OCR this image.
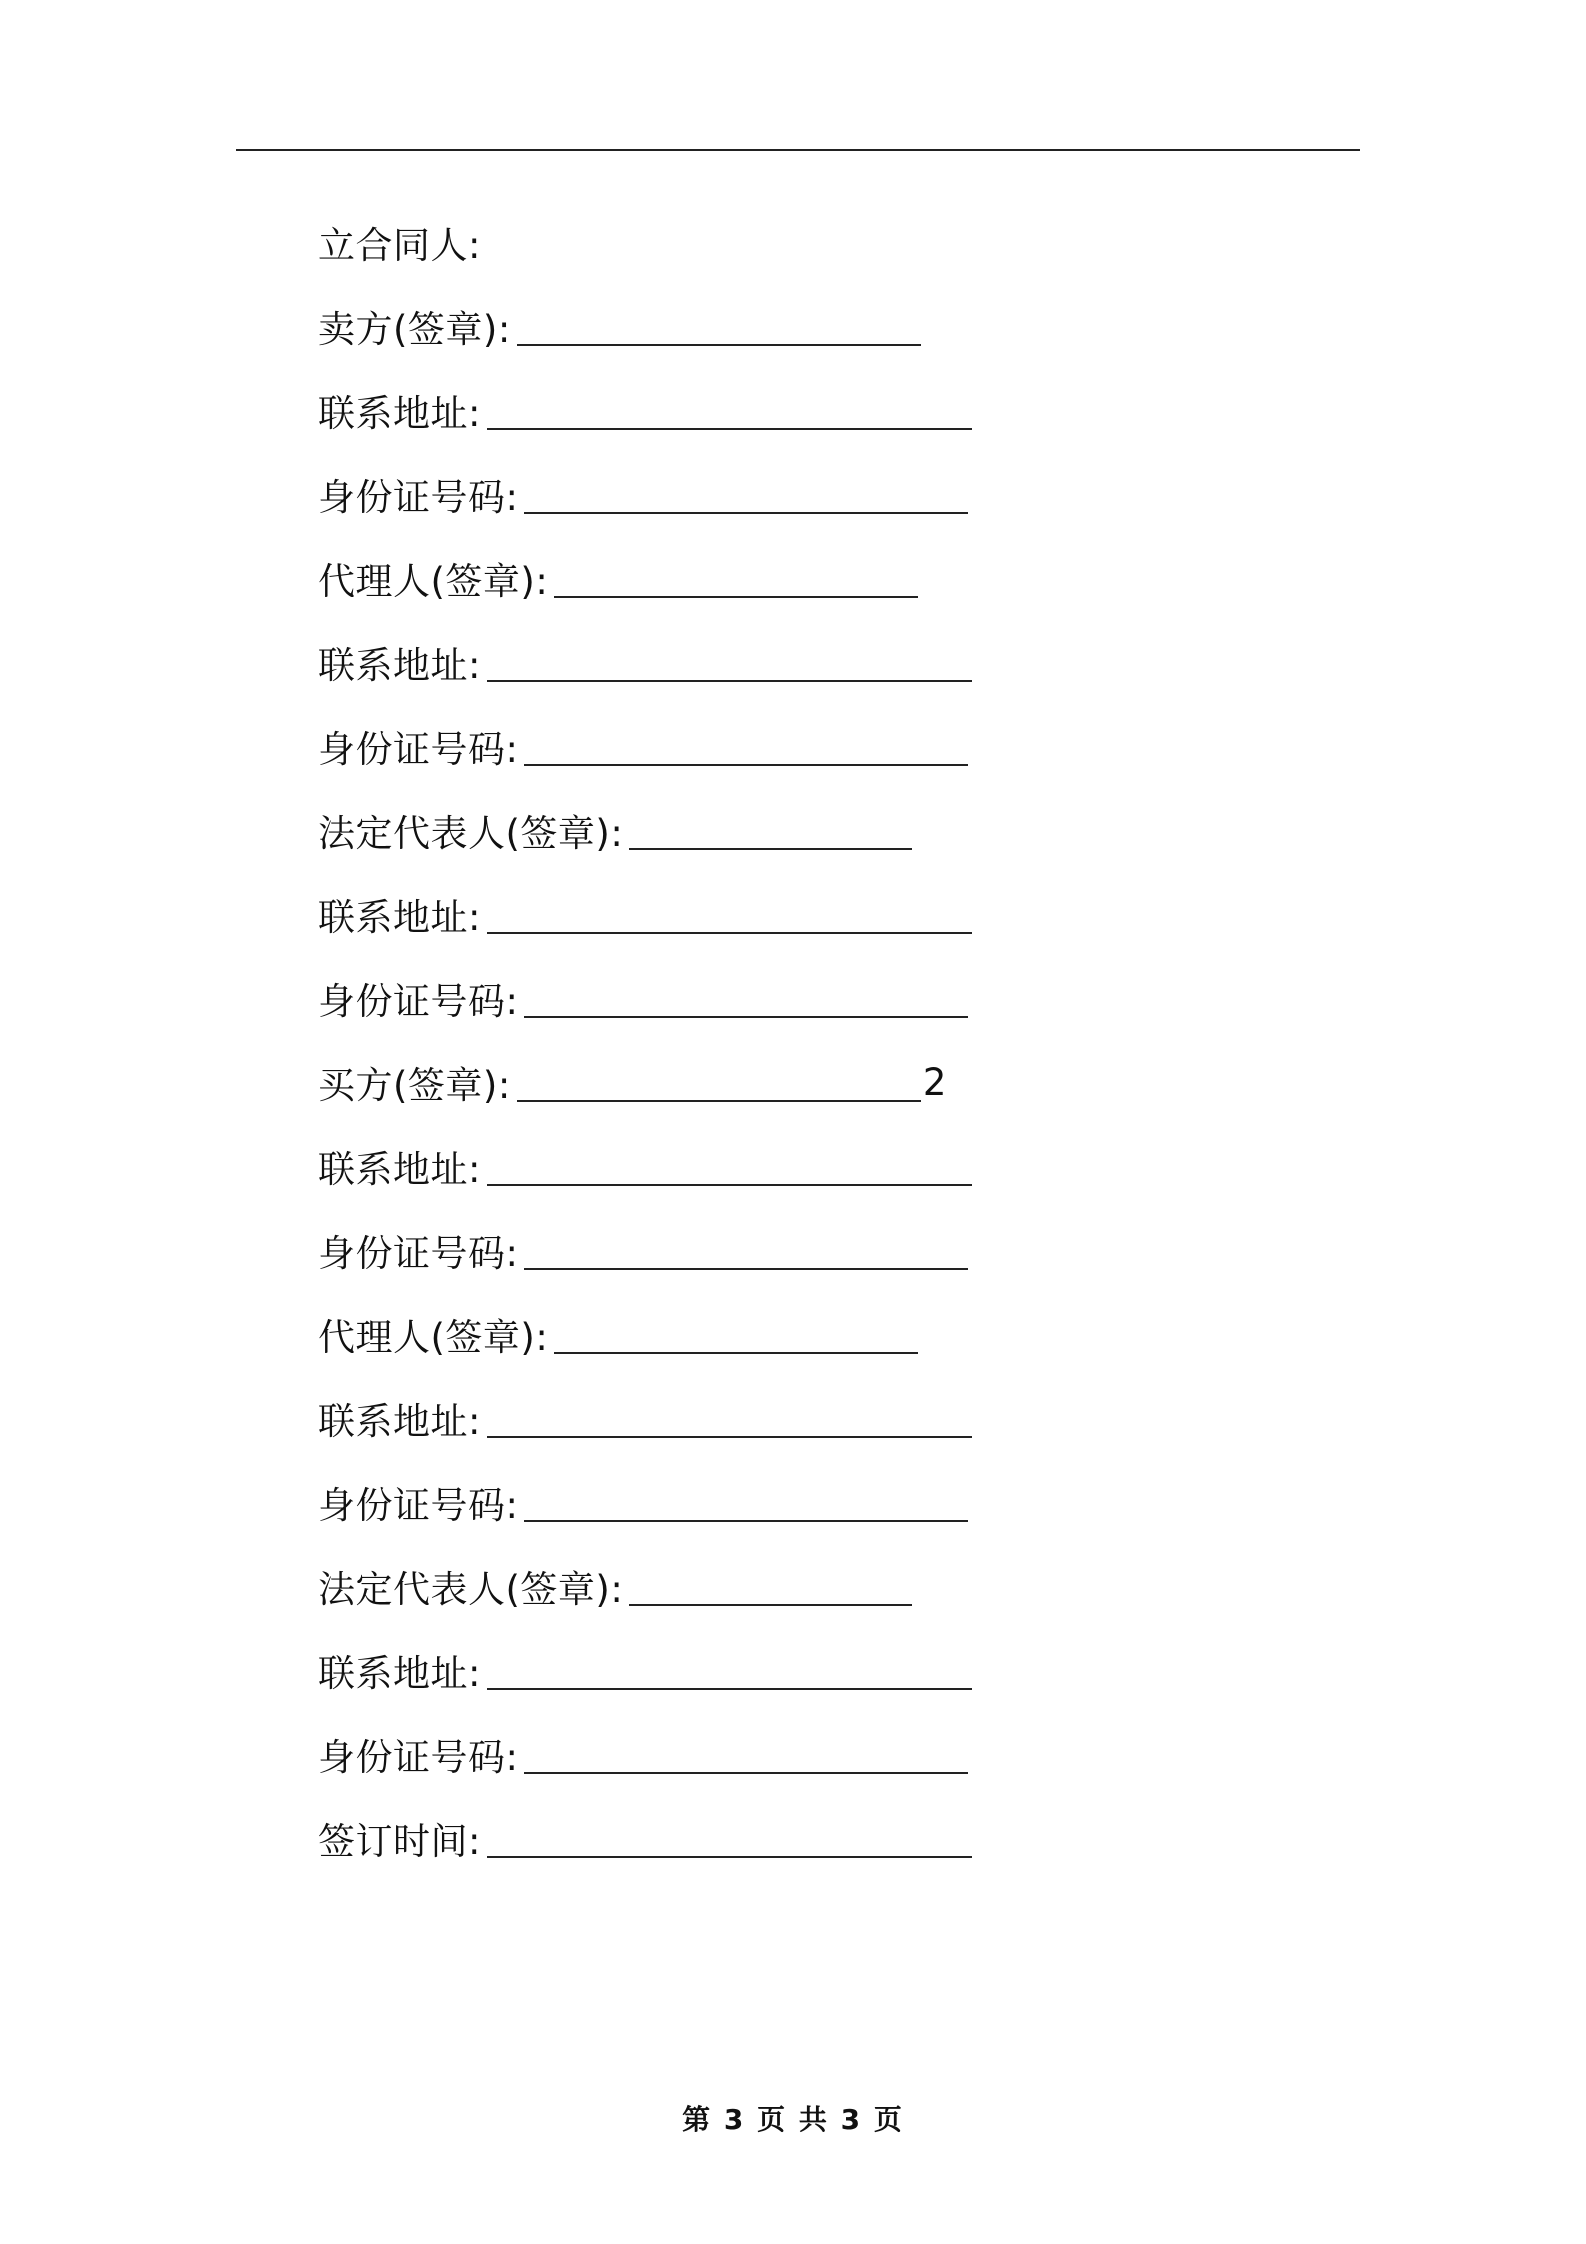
立合同人:
卖方(签章):
联系地址:
身份证号码:
代理人(签章):
联系地址:
身份证号码:
法定代表人(签章):
联系地址:
身份证号码:
买方(签章):	2
联系地址:
身份证号码:
代理人(签章):
联系地址:
身份证号码:
法定代表人(签章):
联系地址:
身份证号码:
签订时间:
第 3 页 共 3 页
